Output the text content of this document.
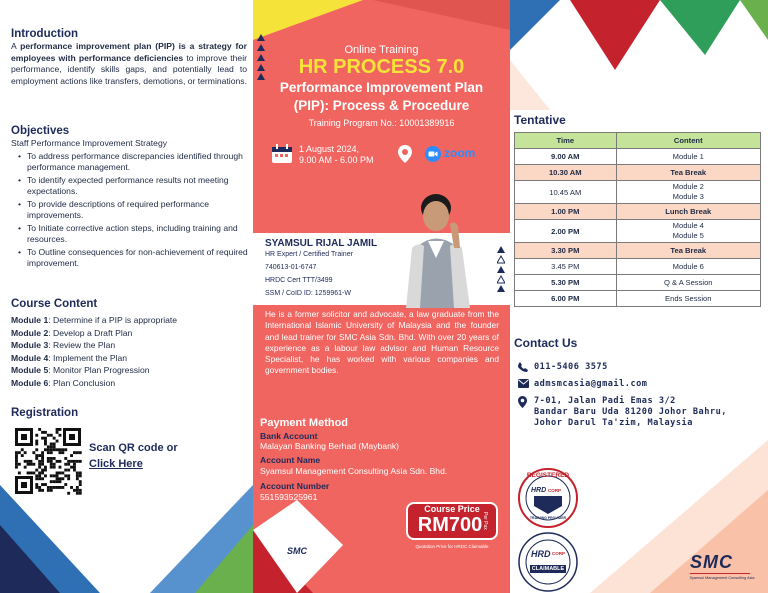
Introduction
A performance improvement plan (PIP) is a strategy for employees with performance deficiencies to improve their performance, identify skills gaps, and potentially lead to employment actions like transfers, demotions, or terminations.
Objectives
Staff Performance Improvement Strategy
• To address performance discrepancies identified through performance management.
• To identify expected performance results not meeting expectations.
• To provide descriptions of required performance improvements.
• To Initiate corrective action steps, including training and resources.
• To Outline consequences for non-achievement of required improvement.
Course Content
Module 1: Determine if a PIP is appropriate
Module 2: Develop a Draft Plan
Module 3: Review the Plan
Module 4: Implement the Plan
Module 5: Monitor Plan Progression
Module 6: Plan Conclusion
Registration
Scan QR code or
Click Here
Online Training
HR PROCESS 7.0
Performance Improvement Plan
(PIP): Process & Procedure
Training Program No.: 10001389916
1 August 2024,
9.00 AM - 6.00 PM	zoom
SYAMSUL RIJAL JAMIL
HR Expert / Certified Trainer
740613-01-6747
HRDC Cert TTT/3499
SSM / CoID ID: 1259961-W
He is a former solicitor and advocate, a law graduate from the International Islamic University of Malaysia and the founder and lead trainer for SMC Asia Sdn. Bhd. With over 20 years of experience as a labour law advisor and Human Resource Specialist, he has worked with various companies and government bodies.
Payment Method
Bank Account
Malayan Banking Berhad (Maybank)
Account Name
Syamsul Management Consulting Asia Sdn. Bhd.
Account Number
551593525961
SMC
Course Price
RM700 Per Pax
Quotation Price for HRDC Claimable
Tentative
Time	Content
9.00 AM	Module 1
10.30 AM	Tea Break
10.45 AM	Module 2
Module 3
1.00 PM	Lunch Break
2.00 PM	Module 4
Module 5
3.30 PM	Tea Break
3.45 PM	Module 6
5.30 PM	Q & A Session
6.00 PM	Ends Session
Contact Us
011-5406 3575
admsmcasia@gmail.com
7-01, Jalan Padi Emas 3/2
Bandar Baru Uda 81200 Johor Bahru,
Johor Darul Ta'zim, Malaysia
REGISTERED
HRD CORP
TRAINING PROVIDER
HRD CORP
CLAIMABLE	SMC
Syamsul Management Consulting Asia
